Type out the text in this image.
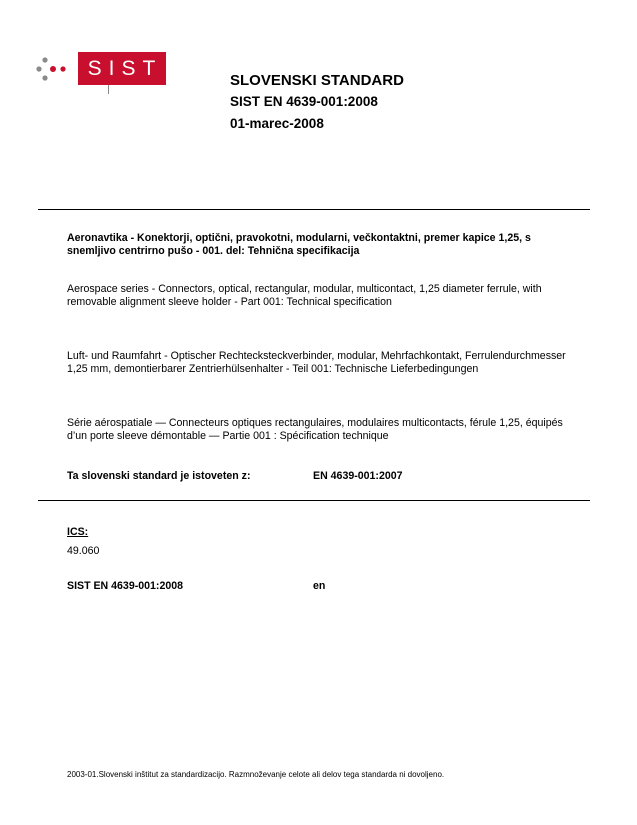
SIST
SLOVENSKI STANDARD
SIST EN 4639-001:2008
01-marec-2008
Aeronavtika - Konektorji, optični, pravokotni, modularni, večkontaktni, premer kapice 1,25, s snemljivo centrirno pušo - 001. del: Tehnična specifikacija
Aerospace series - Connectors, optical, rectangular, modular, multicontact, 1,25 diameter ferrule, with removable alignment sleeve holder - Part 001: Technical specification
Luft- und Raumfahrt - Optischer Rechtecksteckverbinder, modular, Mehrfachkontakt, Ferrulendurchmesser 1,25 mm, demontierbarer Zentrierhülsenhalter - Teil 001: Technische Lieferbedingungen
Série aérospatiale — Connecteurs optiques rectangulaires, modulaires multicontacts, férule 1,25, équipés d’un porte sleeve démontable — Partie 001 : Spécification technique
Ta slovenski standard je istoveten z:	EN 4639-001:2007
ICS:
49.060
SIST EN 4639-001:2008	en
2003-01.Slovenski inštitut za standardizacijo. Razmnoževanje celote ali delov tega standarda ni dovoljeno.
